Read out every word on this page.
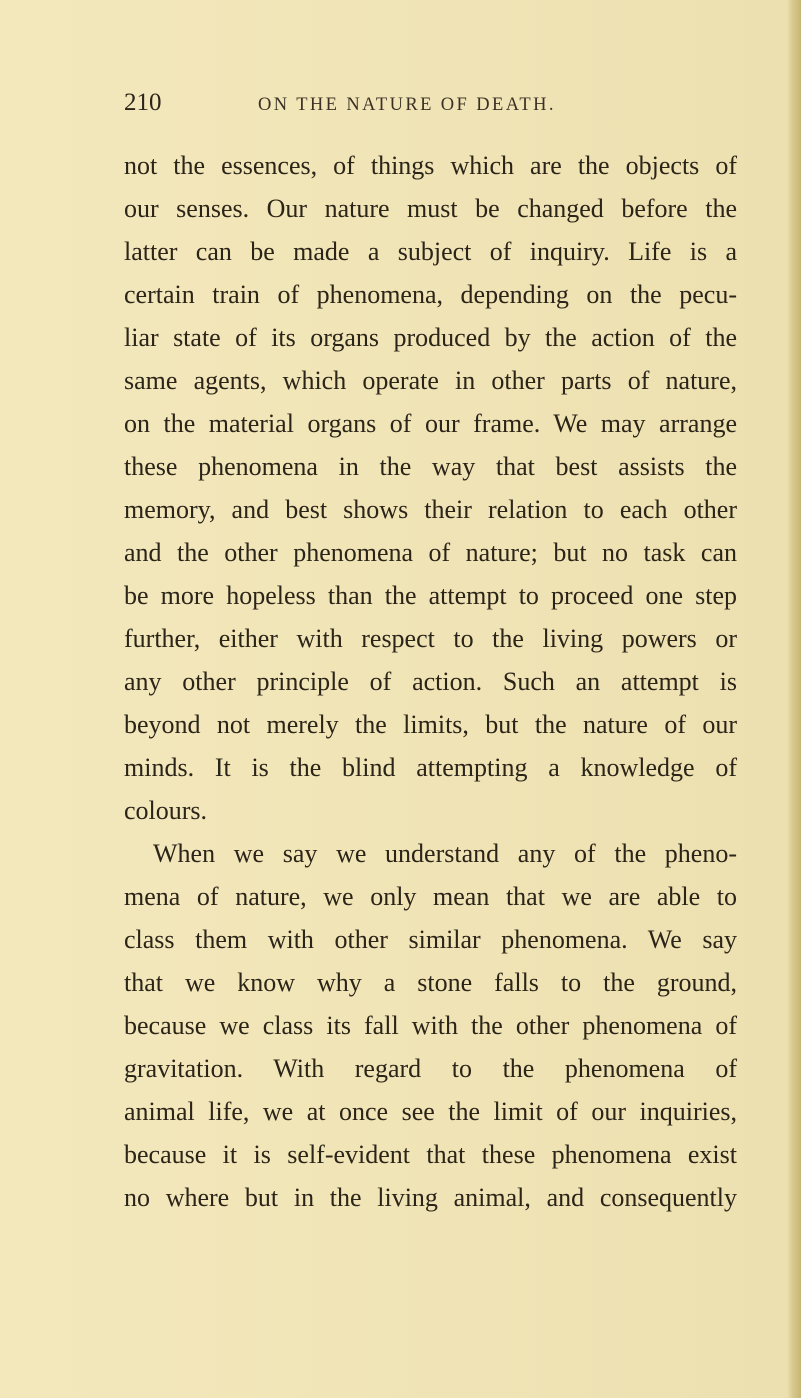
210	ON THE NATURE OF DEATH.
not the essences, of things which are the objects of
our senses. Our nature must be changed before the
latter can be made a subject of inquiry. Life is a
certain train of phenomena, depending on the pecu-
liar state of its organs produced by the action of the
same agents, which operate in other parts of nature,
on the material organs of our frame. We may arrange
these phenomena in the way that best assists the
memory, and best shows their relation to each other
and the other phenomena of nature; but no task can
be more hopeless than the attempt to proceed one step
further, either with respect to the living powers or
any other principle of action. Such an attempt is
beyond not merely the limits, but the nature of our
minds. It is the blind attempting a knowledge of
colours.
When we say we understand any of the pheno-
mena of nature, we only mean that we are able to
class them with other similar phenomena. We say
that we know why a stone falls to the ground,
because we class its fall with the other phenomena of
gravitation. With regard to the phenomena of
animal life, we at once see the limit of our inquiries,
because it is self-evident that these phenomena exist
no where but in the living animal, and consequently
